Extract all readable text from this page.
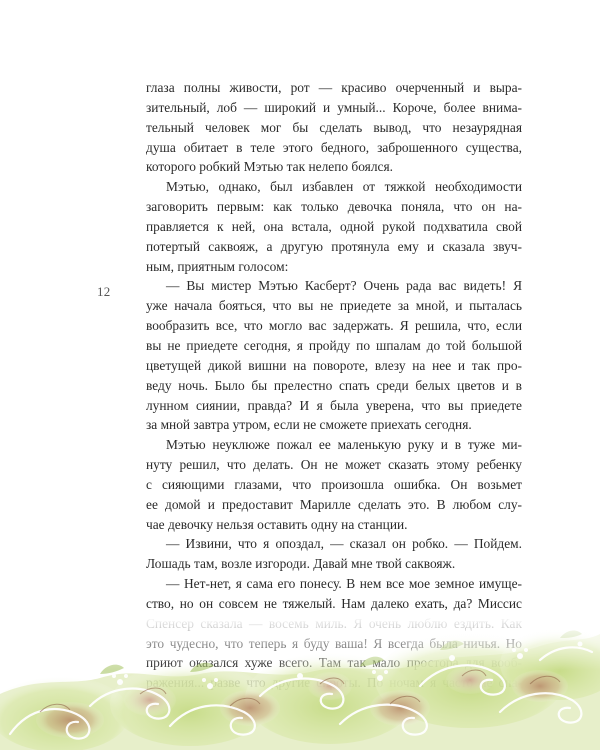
12
глаза полны живости, рот — красиво очерченный и выра-
зительный, лоб — широкий и умный... Короче, более внима-
тельный человек мог бы сделать вывод, что незаурядная
душа обитает в теле этого бедного, заброшенного существа,
которого робкий Мэтью так нелепо боялся.
Мэтью, однако, был избавлен от тяжкой необходимости
заговорить первым: как только девочка поняла, что он на-
правляется к ней, она встала, одной рукой подхватила свой
потертый саквояж, а другую протянула ему и сказала звуч-
ным, приятным голосом:
— Вы мистер Мэтью Касберт? Очень рада вас видеть! Я
уже начала бояться, что вы не приедете за мной, и пыталась
вообразить все, что могло вас задержать. Я решила, что, если
вы не приедете сегодня, я пройду по шпалам до той большой
цветущей дикой вишни на повороте, влезу на нее и так про-
веду ночь. Было бы прелестно спать среди белых цветов и в
лунном сиянии, правда? И я была уверена, что вы приедете
за мной завтра утром, если не сможете приехать сегодня.
Мэтью неуклюже пожал ее маленькую руку и в туже ми-
нуту решил, что делать. Он не может сказать этому ребенку
с сияющими глазами, что произошла ошибка. Он возьмет
ее домой и предоставит Марилле сделать это. В любом слу-
чае девочку нельзя оставить одну на станции.
— Извини, что я опоздал, — сказал он робко. — Пойдем.
Лошадь там, возле изгороди. Давай мне твой саквояж.
— Нет-нет, я сама его понесу. В нем все мое земное имуще-
ство, но он совсем не тяжелый. Нам далеко ехать, да? Миссис
